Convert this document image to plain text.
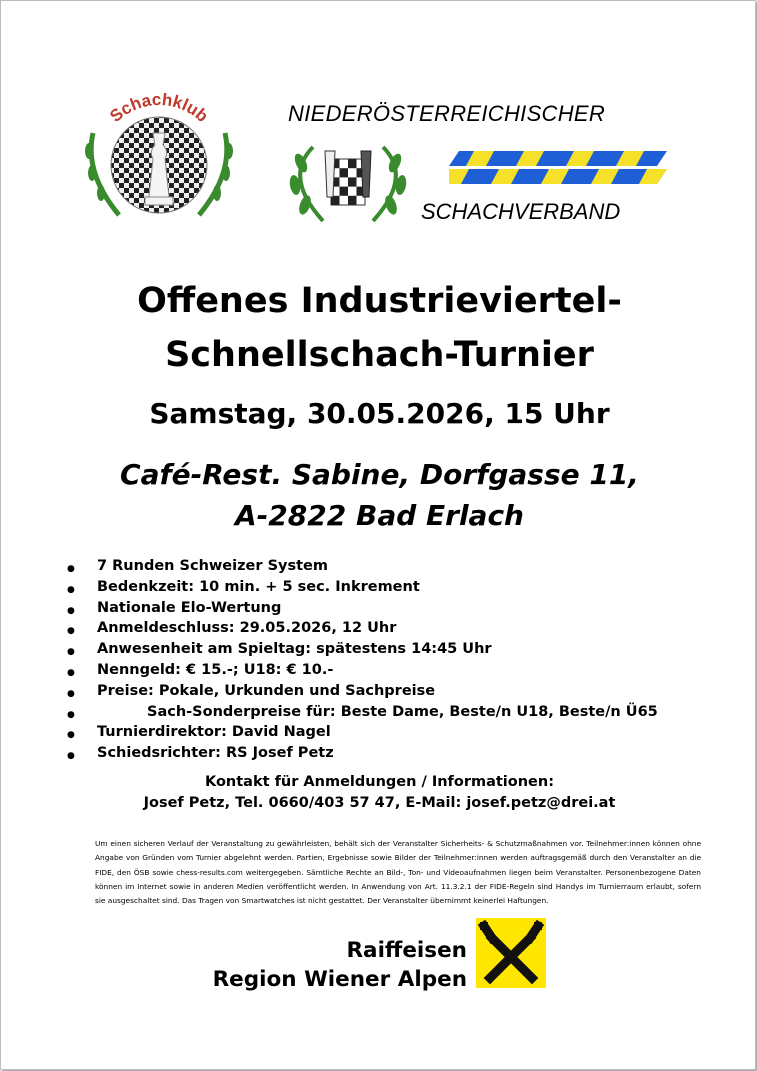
Schachklub	NIEDERÖSTERREICHISCHER
SCHACHVERBAND
Offenes Industrieviertel-
Schnellschach-Turnier
Samstag, 30.05.2026, 15 Uhr
Café-Rest. Sabine, Dorfgasse 11,
A-2822 Bad Erlach
● 7 Runden Schweizer System
● Bedenkzeit: 10 min. + 5 sec. Inkrement
● Nationale Elo-Wertung
● Anmeldeschluss: 29.05.2026, 12 Uhr
● Anwesenheit am Spieltag: spätestens 14:45 Uhr
● Nenngeld: € 15.-; U18: € 10.-
● Preise: Pokale, Urkunden und Sachpreise
●	Sach-Sonderpreise für: Beste Dame, Beste/n U18, Beste/n Ü65
● Turnierdirektor: David Nagel
● Schiedsrichter: RS Josef Petz
Kontakt für Anmeldungen / Informationen:
Josef Petz, Tel. 0660/403 57 47, E-Mail: josef.petz@drei.at
Um einen sicheren Verlauf der Veranstaltung zu gewährleisten, behält sich der Veranstalter Sicherheits- & Schutzmaßnahmen vor. Teilnehmer:innen können ohne Angabe von Gründen vom Turnier abgelehnt werden. Partien, Ergebnisse sowie Bilder der Teilnehmer:innen werden auftragsgemäß durch den Veranstalter an die FIDE, den ÖSB sowie chess-results.com weitergegeben. Sämtliche Rechte an Bild-, Ton- und Videoaufnahmen liegen beim Veranstalter. Personenbezogene Daten können im Internet sowie in anderen Medien veröffentlicht werden. In Anwendung von Art. 11.3.2.1 der FIDE-Regeln sind Handys im Turnierraum erlaubt, sofern sie ausgeschaltet sind. Das Tragen von Smartwatches ist nicht gestattet. Der Veranstalter übernimmt keinerlei Haftungen.
Raiffeisen
Region Wiener Alpen
